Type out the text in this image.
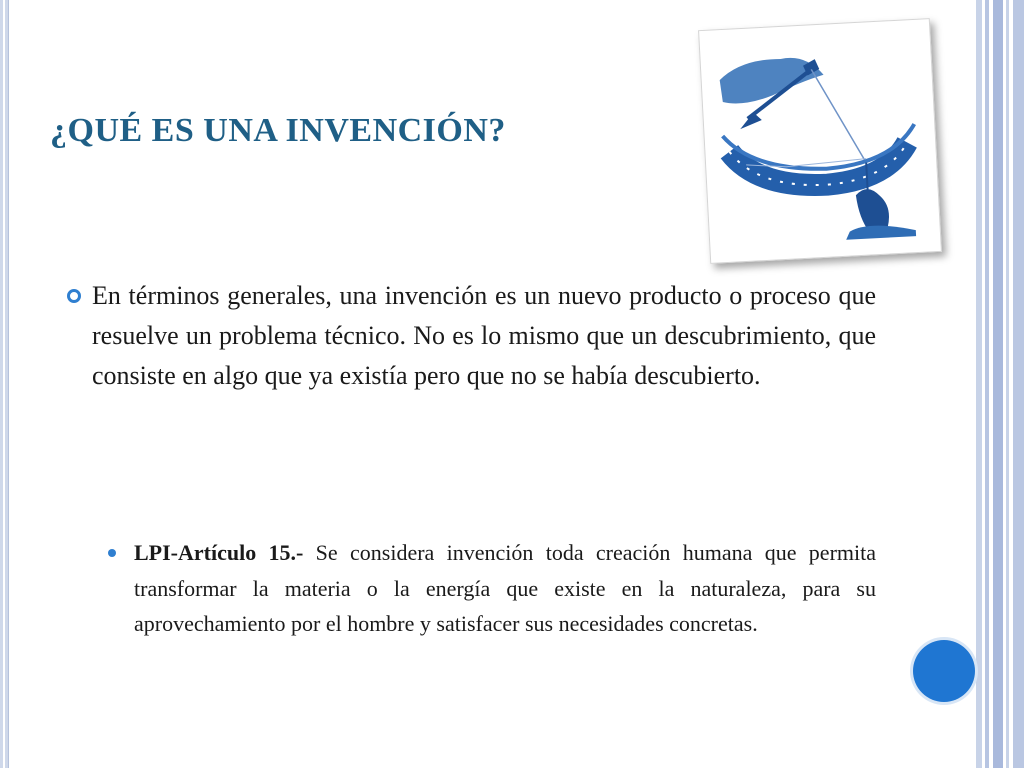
¿QUÉ ES UNA INVENCIÓN?

En términos generales, una invención es un nuevo producto o proceso que resuelve un problema técnico. No es lo mismo que un descubrimiento, que consiste en algo que ya existía pero que no se había descubierto.

LPI-Artículo 15.- Se considera invención toda creación humana que permita transformar la materia o la energía que existe en la naturaleza, para su aprovechamiento por el hombre y satisfacer sus necesidades concretas.
